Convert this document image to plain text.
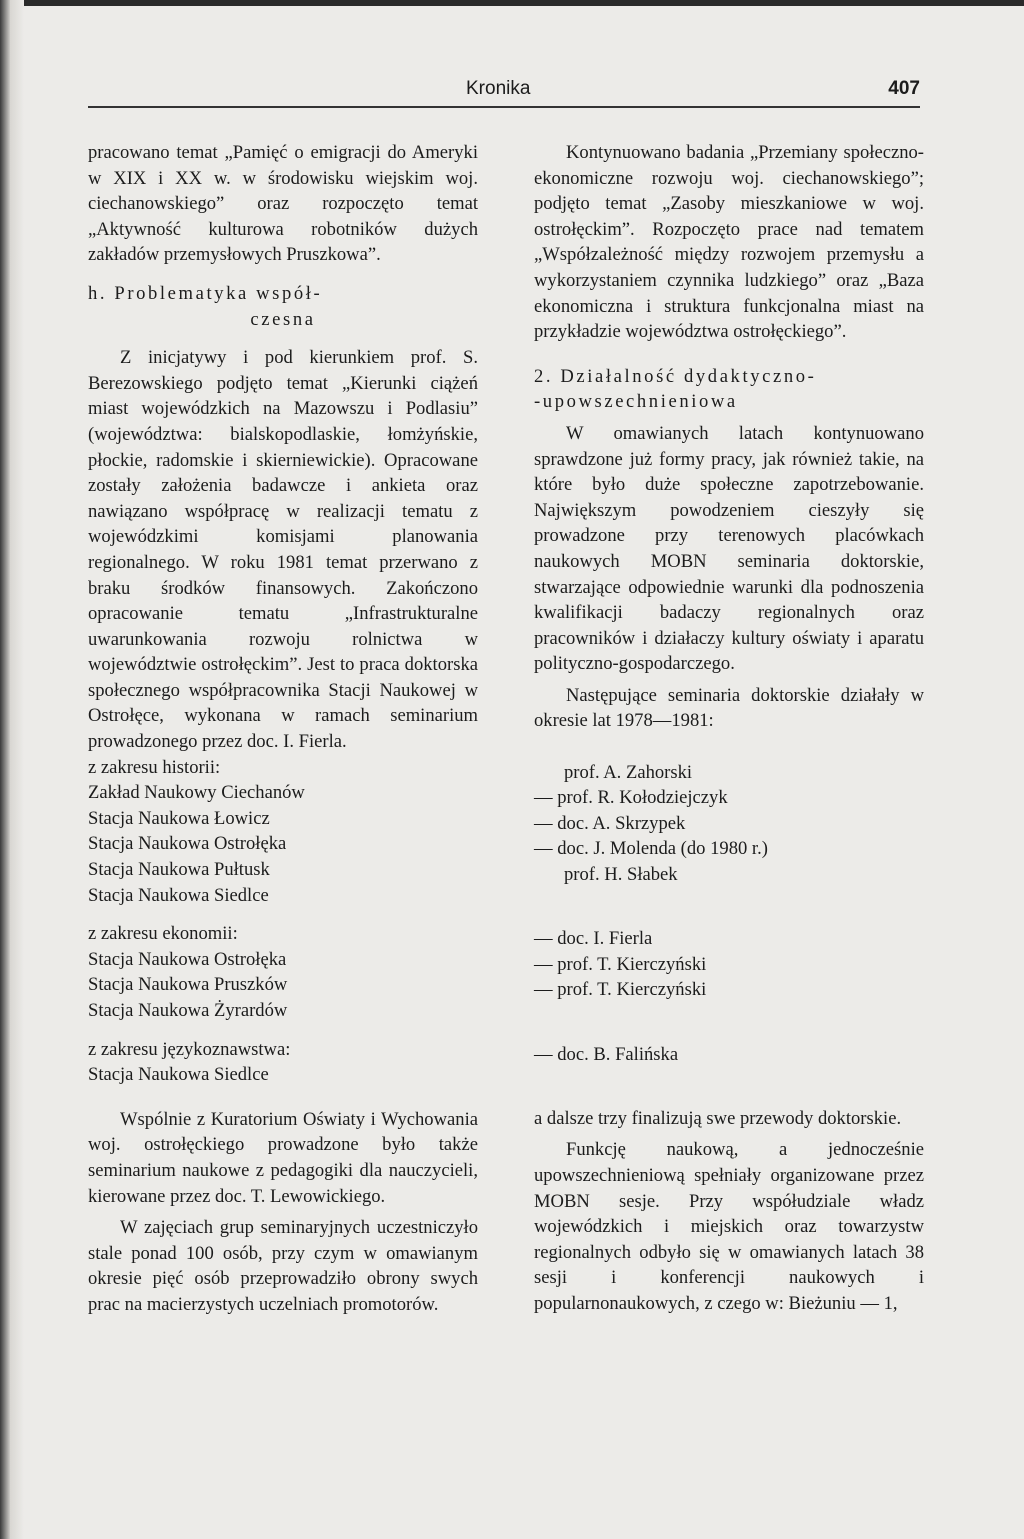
Kronika	407

pracowano temat „Pamięć o emigracji do Ameryki w XIX i XX w. w środowisku wiejskim woj. ciechanowskiego” oraz rozpoczęto temat „Aktywność kulturowa robotników dużych zakładów przemysłowych Pruszkowa”.

h. Problematyka współ-

czesna

Z inicjatywy i pod kierunkiem prof. S. Berezowskiego podjęto temat „Kierunki ciążeń miast wojewódzkich na Mazowszu i Podlasiu” (województwa: bialskopodlaskie, łomżyńskie, płockie, radomskie i skierniewickie). Opracowane zostały założenia badawcze i ankieta oraz nawiązano współpracę w realizacji tematu z wojewódzkimi komisjami planowania regionalnego. W roku 1981 temat przerwano z braku środków finansowych. Zakończono opracowanie tematu „Infrastrukturalne uwarunkowania rozwoju rolnictwa w województwie ostrołęckim”. Jest to praca doktorska społecznego współpracownika Stacji Naukowej w Ostrołęce, wykonana w ramach seminarium prowadzonego przez doc. I. Fierla.

z zakresu historii:
Zakład Naukowy Ciechanów
Stacja Naukowa Łowicz
Stacja Naukowa Ostrołęka
Stacja Naukowa Pułtusk
Stacja Naukowa Siedlce
z zakresu ekonomii:
Stacja Naukowa Ostrołęka
Stacja Naukowa Pruszków
Stacja Naukowa Żyrardów
z zakresu językoznawstwa:
Stacja Naukowa Siedlce

Wspólnie z Kuratorium Oświaty i Wychowania woj. ostrołęckiego prowadzone było także seminarium naukowe z pedagogiki dla nauczycieli, kierowane przez doc. T. Lewowickiego.

W zajęciach grup seminaryjnych uczestniczyło stale ponad 100 osób, przy czym w omawianym okresie pięć osób przeprowadziło obrony swych prac na macierzystych uczelniach promotorów.

Kontynuowano badania „Przemiany społeczno-ekonomiczne rozwoju woj. ciechanowskiego”; podjęto temat „Zasoby mieszkaniowe w woj. ostrołęckim”. Rozpoczęto prace nad tematem „Współzależność między rozwojem przemysłu a wykorzystaniem czynnika ludzkiego” oraz „Baza ekonomiczna i struktura funkcjonalna miast na przykładzie województwa ostrołęckiego”.

2. Działalność dydaktyczno-

-upowszechnieniowa

W omawianych latach kontynuowano sprawdzone już formy pracy, jak również takie, na które było duże społeczne zapotrzebowanie. Największym powodzeniem cieszyły się prowadzone przy terenowych placówkach naukowych MOBN seminaria doktorskie, stwarzające odpowiednie warunki dla podnoszenia kwalifikacji badaczy regionalnych oraz pracowników i działaczy kultury oświaty i aparatu polityczno-gospodarczego.

Następujące seminaria doktorskie działały w okresie lat 1978—1981:

prof. A. Zahorski
— prof. R. Kołodziejczyk
— doc. A. Skrzypek
— doc. J. Molenda (do 1980 r.)
prof. H. Słabek
— doc. I. Fierla
— prof. T. Kierczyński
— prof. T. Kierczyński
— doc. B. Falińska

a dalsze trzy finalizują swe przewody doktorskie.

Funkcję naukową, a jednocześnie upowszechnieniową spełniały organizowane przez MOBN sesje. Przy współudziale władz wojewódzkich i miejskich oraz towarzystw regionalnych odbyło się w omawianych latach 38 sesji i konferencji naukowych i popularnonaukowych, z czego w: Bieżuniu — 1,
